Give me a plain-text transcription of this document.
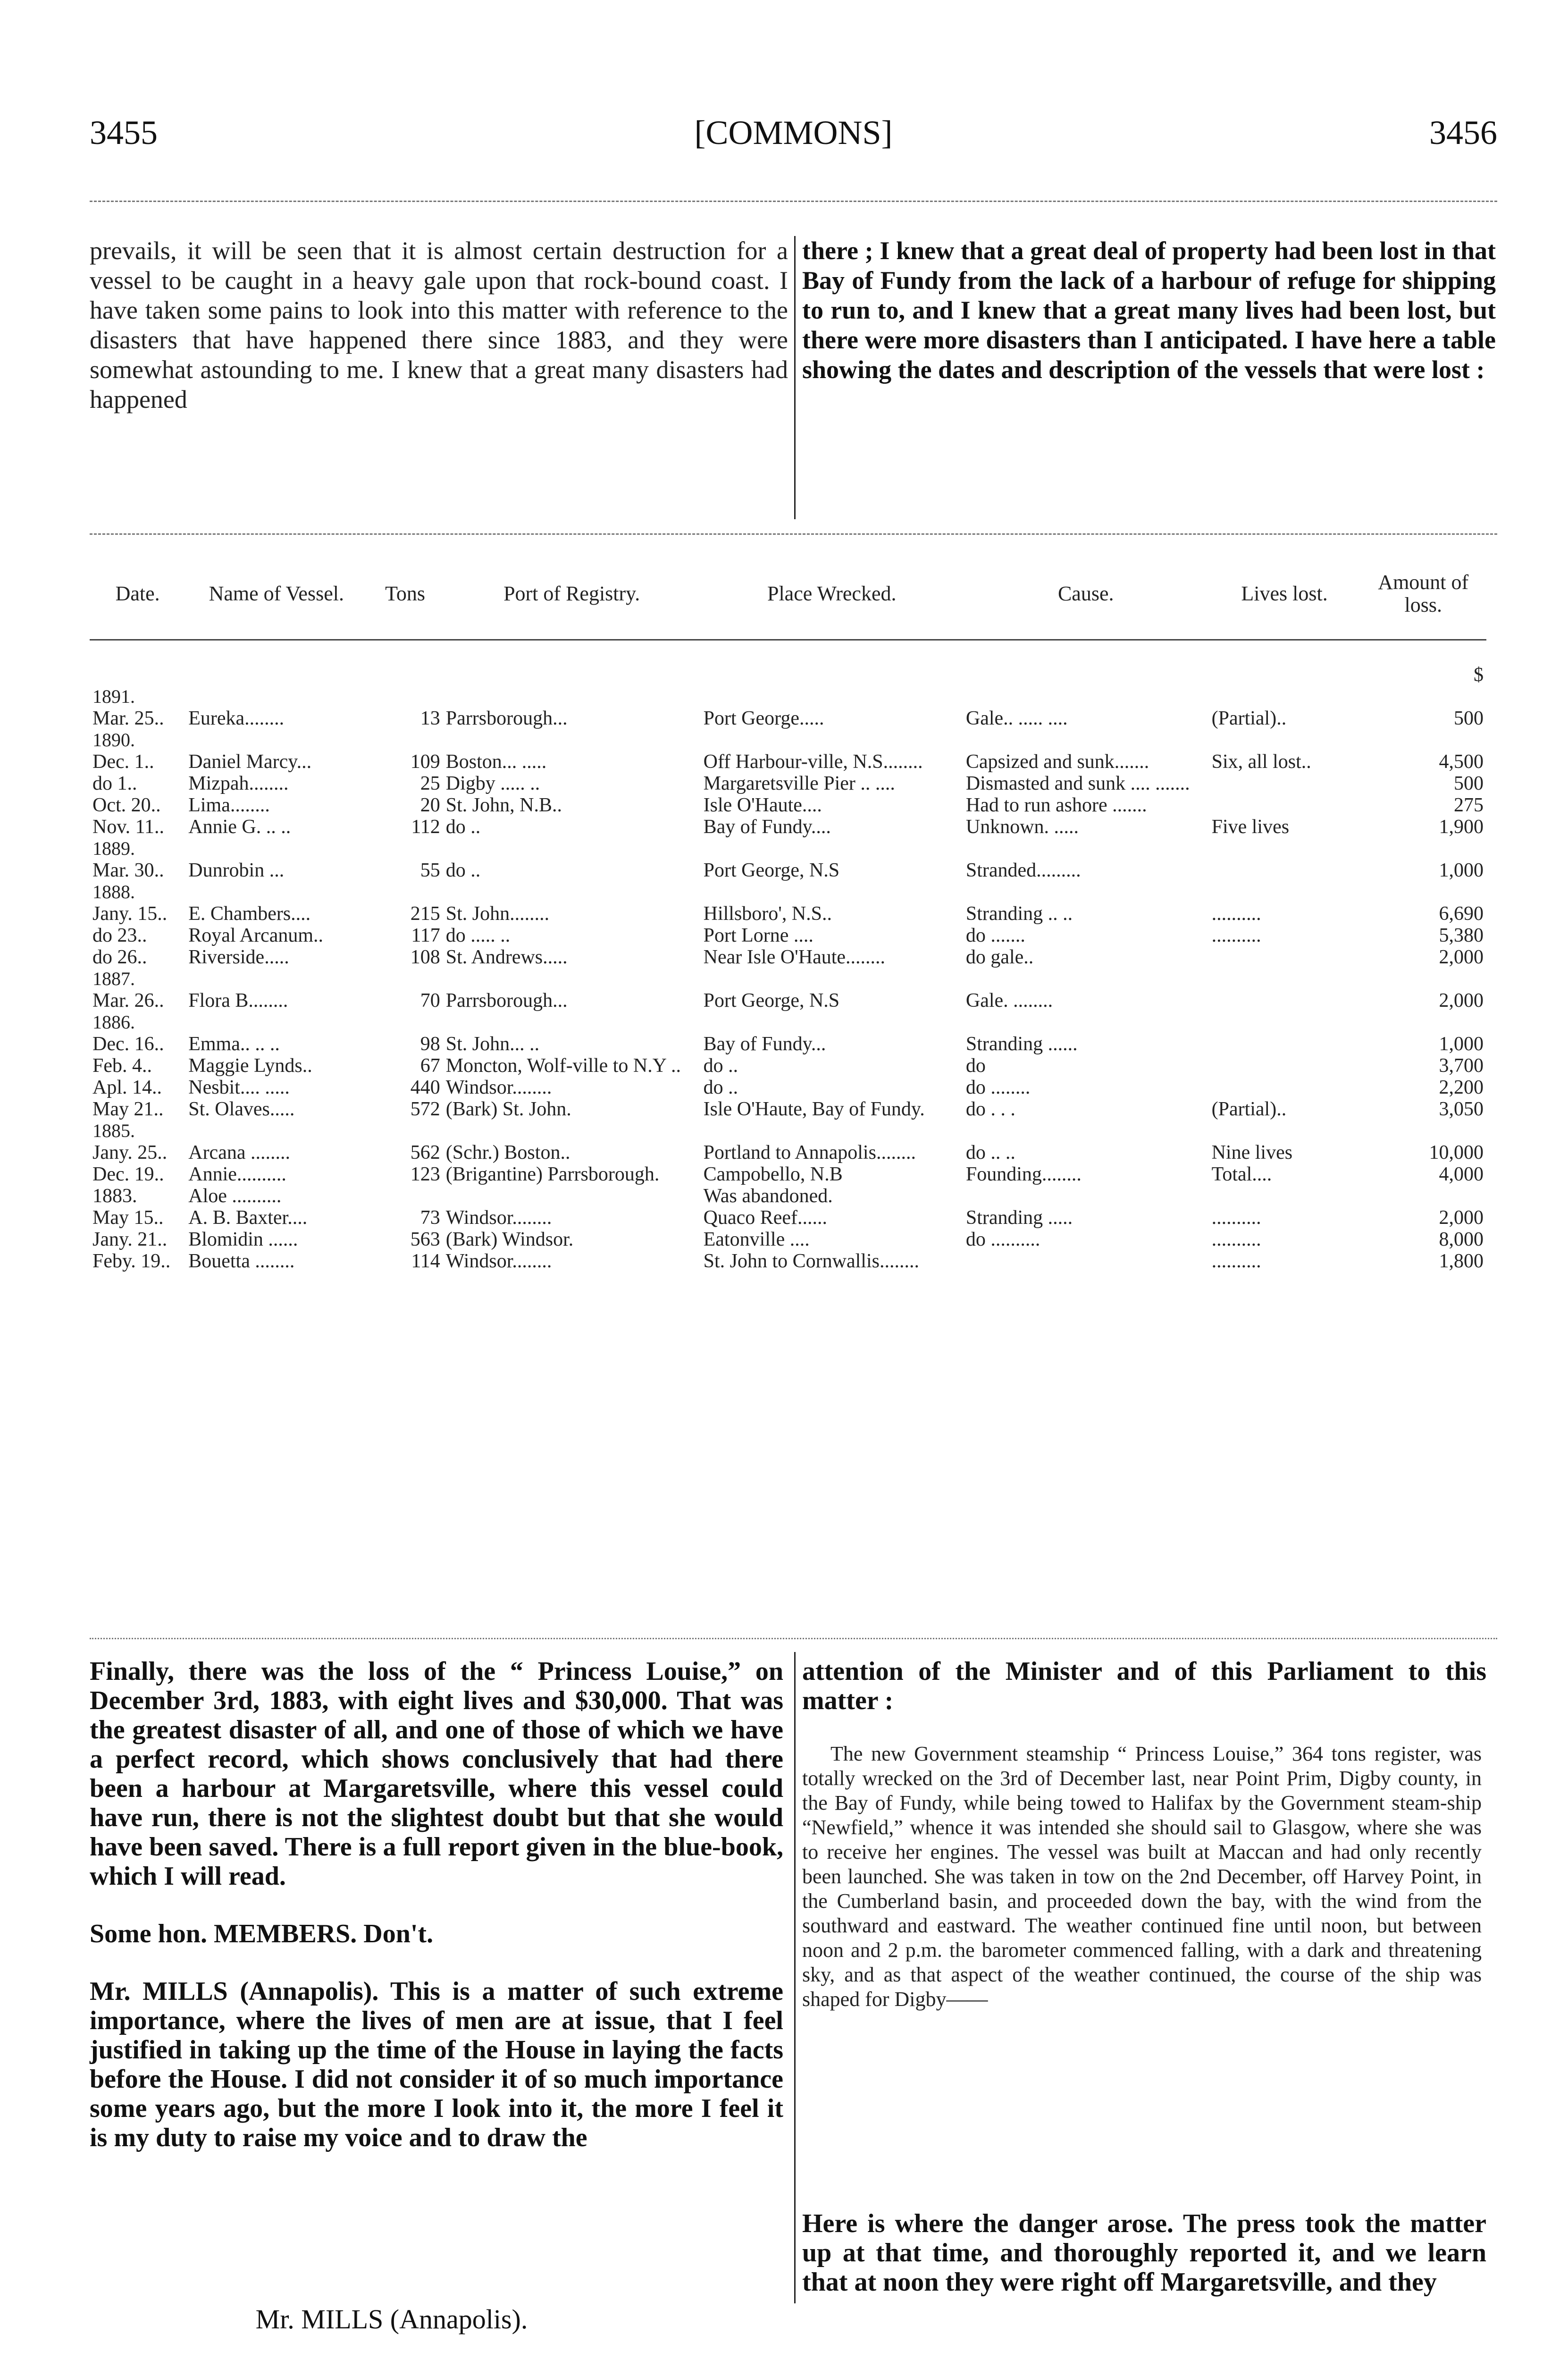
3455	[COMMONS]	3456

prevails, it will be seen that it is almost certain destruction for a vessel to be caught in a heavy gale upon that rock-bound coast. I have taken some pains to look into this matter with reference to the disasters that have happened there since 1883, and they were somewhat astounding to me. I knew that a great many disasters had happened

there ; I knew that a great deal of property had been lost in that Bay of Fundy from the lack of a harbour of refuge for shipping to run to, and I knew that a great many lives had been lost, but there were more disasters than I anticipated. I have here a table showing the dates and description of the vessels that were lost :

Date.	Name of Vessel.	Tons	Port of Registry.	Place Wrecked.	Cause.	Lives lost.	Amount of loss.
							$
1891.							
Mar. 25..	Eureka........	13	Parrsborough...	Port George.....	Gale.. ..... ....	(Partial)..	500
1890.							
Dec. 1..	Daniel Marcy...	109	Boston... .....	Off Harbour-ville, N.S........	Capsized and sunk.......	Six, all lost..	4,500
do 1..	Mizpah........	25	Digby ..... ..	Margaretsville Pier .. ....	Dismasted and sunk .... .......		500
Oct. 20..	Lima........	20	St. John, N.B..	Isle O'Haute....	Had to run ashore .......		275
Nov. 11..	Annie G. .. ..	112	do ..	Bay of Fundy....	Unknown. .....	Five lives	1,900
1889.							
Mar. 30..	Dunrobin ...	55	do ..	Port George, N.S	Stranded.........		1,000
1888.							
Jany. 15..	E. Chambers....	215	St. John........	Hillsboro', N.S..	Stranding .. ..	..........	6,690
do 23..	Royal Arcanum..	117	do ..... ..	Port Lorne ....	do .......	..........	5,380
do 26..	Riverside.....	108	St. Andrews.....	Near Isle O'Haute........	do gale..		2,000
1887.							
Mar. 26..	Flora B........	70	Parrsborough...	Port George, N.S	Gale. ........		2,000
1886.							
Dec. 16..	Emma.. .. ..	98	St. John... ..	Bay of Fundy...	Stranding ......		1,000
Feb. 4..	Maggie Lynds..	67	Moncton, Wolf-ville to N.Y ..	do ..	do		3,700
Apl. 14..	Nesbit.... .....	440	Windsor........	do ..	do ........		2,200
May 21..	St. Olaves.....	572	(Bark) St. John.	Isle O'Haute, Bay of Fundy.	do . . .	(Partial)..	3,050
1885.							
Jany. 25..	Arcana ........	562	(Schr.) Boston..	Portland to Annapolis........	do .. ..	Nine lives	10,000
Dec. 19..	Annie..........	123	(Brigantine) Parrsborough.	Campobello, N.B	Founding........	Total....	4,000
1883.	Aloe ..........			Was abandoned.			
May 15..	A. B. Baxter....	73	Windsor........	Quaco Reef......	Stranding .....	..........	2,000
Jany. 21..	Blomidin ......	563	(Bark) Windsor.	Eatonville ....	do ..........	..........	8,000
Feby. 19..	Bouetta ........	114	Windsor........	St. John to Cornwallis........		..........	1,800

Finally, there was the loss of the “ Princess Louise,” on December 3rd, 1883, with eight lives and $30,000. That was the greatest disaster of all, and one of those of which we have a perfect record, which shows conclusively that had there been a harbour at Margaretsville, where this vessel could have run, there is not the slightest doubt but that she would have been saved. There is a full report given in the blue-book, which I will read.

Some hon. MEMBERS. Don't.

Mr. MILLS (Annapolis). This is a matter of such extreme importance, where the lives of men are at issue, that I feel justified in taking up the time of the House in laying the facts before the House. I did not consider it of so much importance some years ago, but the more I look into it, the more I feel it is my duty to raise my voice and to draw the

attention of the Minister and of this Parliament to this matter :

The new Government steamship “ Princess Louise,” 364 tons register, was totally wrecked on the 3rd of December last, near Point Prim, Digby county, in the Bay of Fundy, while being towed to Halifax by the Government steam-ship “Newfield,” whence it was intended she should sail to Glasgow, where she was to receive her engines. The vessel was built at Maccan and had only recently been launched. She was taken in tow on the 2nd December, off Harvey Point, in the Cumberland basin, and proceeded down the bay, with the wind from the southward and eastward. The weather continued fine until noon, but between noon and 2 p.m. the barometer commenced falling, with a dark and threatening sky, and as that aspect of the weather continued, the course of the ship was shaped for Digby——

Here is where the danger arose. The press took the matter up at that time, and thoroughly reported it, and we learn that at noon they were right off Margaretsville, and they

Mr. MILLS (Annapolis).
